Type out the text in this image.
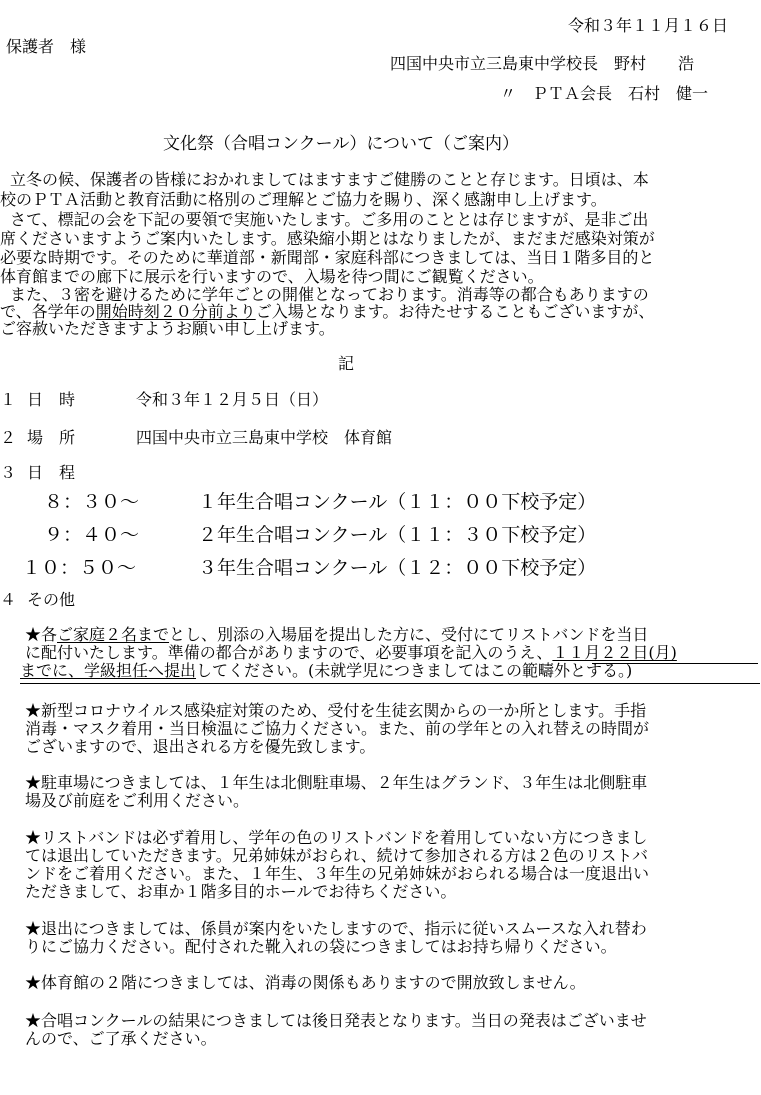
令和３年１１月１６日
保護者　様
四国中央市立三島東中学校長　野村　　浩
〃　ＰＴＡ会長　石村　健一
文化祭（合唱コンクール）について（ご案内）
立冬の候、保護者の皆様におかれましてはますますご健勝のことと存じます。日頃は、本
校のＰＴＡ活動と教育活動に格別のご理解とご協力を賜り、深く感謝申し上げます。
さて、標記の会を下記の要領で実施いたします。ご多用のこととは存じますが、是非ご出
席くださいますようご案内いたします。感染縮小期とはなりましたが、まだまだ感染対策が
必要な時期です。そのために華道部・新聞部・家庭科部につきましては、当日１階多目的と
体育館までの廊下に展示を行いますので、入場を待つ間にご観覧ください。
また、３密を避けるために学年ごとの開催となっております。消毒等の都合もありますの
で、各学年の開始時刻２０分前よりご入場となります。お待たせすることもございますが、
ご容赦いただきますようお願い申し上げます。
記
１ 日　時	令和３年１２月５日（日）
２ 場　所	四国中央市立三島東中学校　体育館
３ 日　程
８：３０～	１年生合唱コンクール（１１：００下校予定）
９：４０～	２年生合唱コンクール（１１：３０下校予定）
１０：５０～	３年生合唱コンクール（１２：００下校予定）
４ その他
★各ご家庭２名までとし、別添の入場届を提出した方に、受付にてリストバンドを当日
に配付いたします。準備の都合がありますので、必要事項を記入のうえ、１１月２２日(月)
までに、学級担任へ提出してください。(未就学児につきましてはこの範疇外とする。)
★新型コロナウイルス感染症対策のため、受付を生徒玄関からの一か所とします。手指
消毒・マスク着用・当日検温にご協力ください。また、前の学年との入れ替えの時間が
ございますので、退出される方を優先致します。
★駐車場につきましては、１年生は北側駐車場、２年生はグランド、３年生は北側駐車
場及び前庭をご利用ください。
★リストバンドは必ず着用し、学年の色のリストバンドを着用していない方につきまし
ては退出していただきます。兄弟姉妹がおられ、続けて参加される方は２色のリストバ
ンドをご着用ください。また、１年生、３年生の兄弟姉妹がおられる場合は一度退出い
ただきまして、お車か１階多目的ホールでお待ちください。
★退出につきましては、係員が案内をいたしますので、指示に従いスムースな入れ替わ
りにご協力ください。配付された靴入れの袋につきましてはお持ち帰りください。
★体育館の２階につきましては、消毒の関係もありますので開放致しません。
★合唱コンクールの結果につきましては後日発表となります。当日の発表はございませ
んので、ご了承ください。
